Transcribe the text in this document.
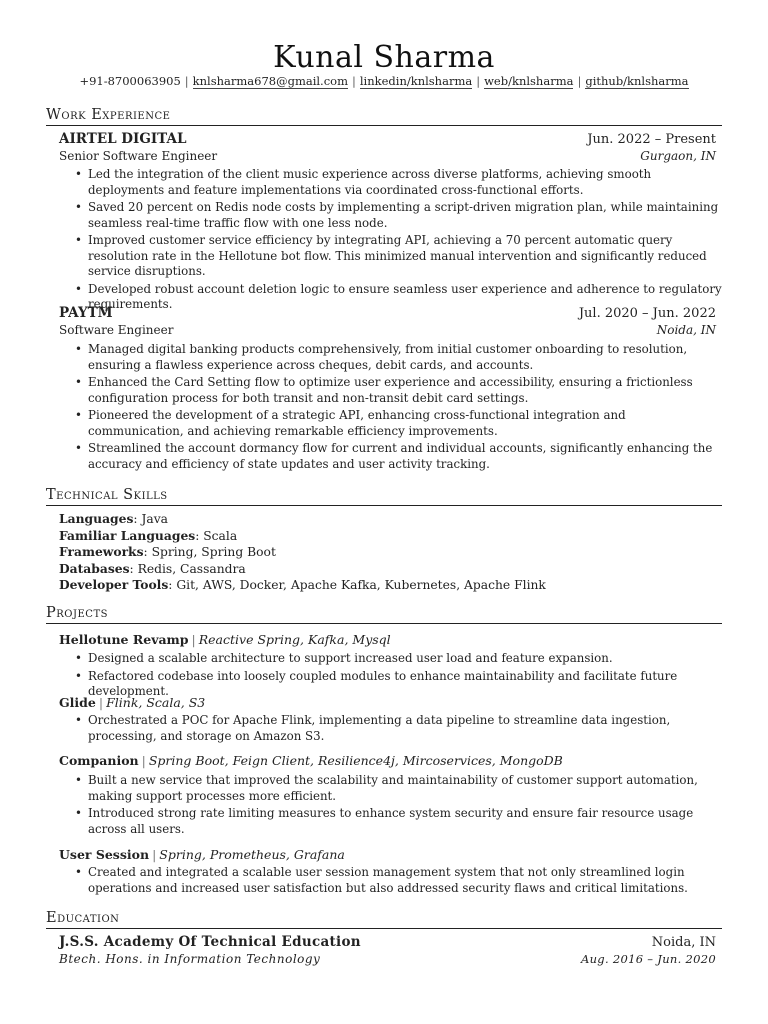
Kunal Sharma
+91-8700063905 | knlsharma678@gmail.com | linkedin/knlsharma | web/knlsharma | github/knlsharma
Work Experience
AIRTEL DIGITAL	Jun. 2022 – Present
Senior Software Engineer	Gurgaon, IN
• Led the integration of the client music experience across diverse platforms, achieving smooth deployments and feature implementations via coordinated cross-functional efforts.
• Saved 20 percent on Redis node costs by implementing a script-driven migration plan, while maintaining seamless real-time traffic flow with one less node.
• Improved customer service efficiency by integrating API, achieving a 70 percent automatic query resolution rate in the Hellotune bot flow. This minimized manual intervention and significantly reduced service disruptions.
• Developed robust account deletion logic to ensure seamless user experience and adherence to regulatory requirements.
PAYTM	Jul. 2020 – Jun. 2022
Software Engineer	Noida, IN
• Managed digital banking products comprehensively, from initial customer onboarding to resolution, ensuring a flawless experience across cheques, debit cards, and accounts.
• Enhanced the Card Setting flow to optimize user experience and accessibility, ensuring a frictionless configuration process for both transit and non-transit debit card settings.
• Pioneered the development of a strategic API, enhancing cross-functional integration and communication, and achieving remarkable efficiency improvements.
• Streamlined the account dormancy flow for current and individual accounts, significantly enhancing the accuracy and efficiency of state updates and user activity tracking.
Technical Skills
Languages: Java
Familiar Languages: Scala
Frameworks: Spring, Spring Boot
Databases: Redis, Cassandra
Developer Tools: Git, AWS, Docker, Apache Kafka, Kubernetes, Apache Flink
Projects
Hellotune Revamp | Reactive Spring, Kafka, Mysql
• Designed a scalable architecture to support increased user load and feature expansion.
• Refactored codebase into loosely coupled modules to enhance maintainability and facilitate future development.
Glide | Flink, Scala, S3
• Orchestrated a POC for Apache Flink, implementing a data pipeline to streamline data ingestion, processing, and storage on Amazon S3.
Companion | Spring Boot, Feign Client, Resilience4j, Mircoservices, MongoDB
• Built a new service that improved the scalability and maintainability of customer support automation, making support processes more efficient.
• Introduced strong rate limiting measures to enhance system security and ensure fair resource usage across all users.
User Session | Spring, Prometheus, Grafana
• Created and integrated a scalable user session management system that not only streamlined login operations and increased user satisfaction but also addressed security flaws and critical limitations.
Education
J.S.S. Academy Of Technical Education	Noida, IN
Btech. Hons. in Information Technology	Aug. 2016 – Jun. 2020
